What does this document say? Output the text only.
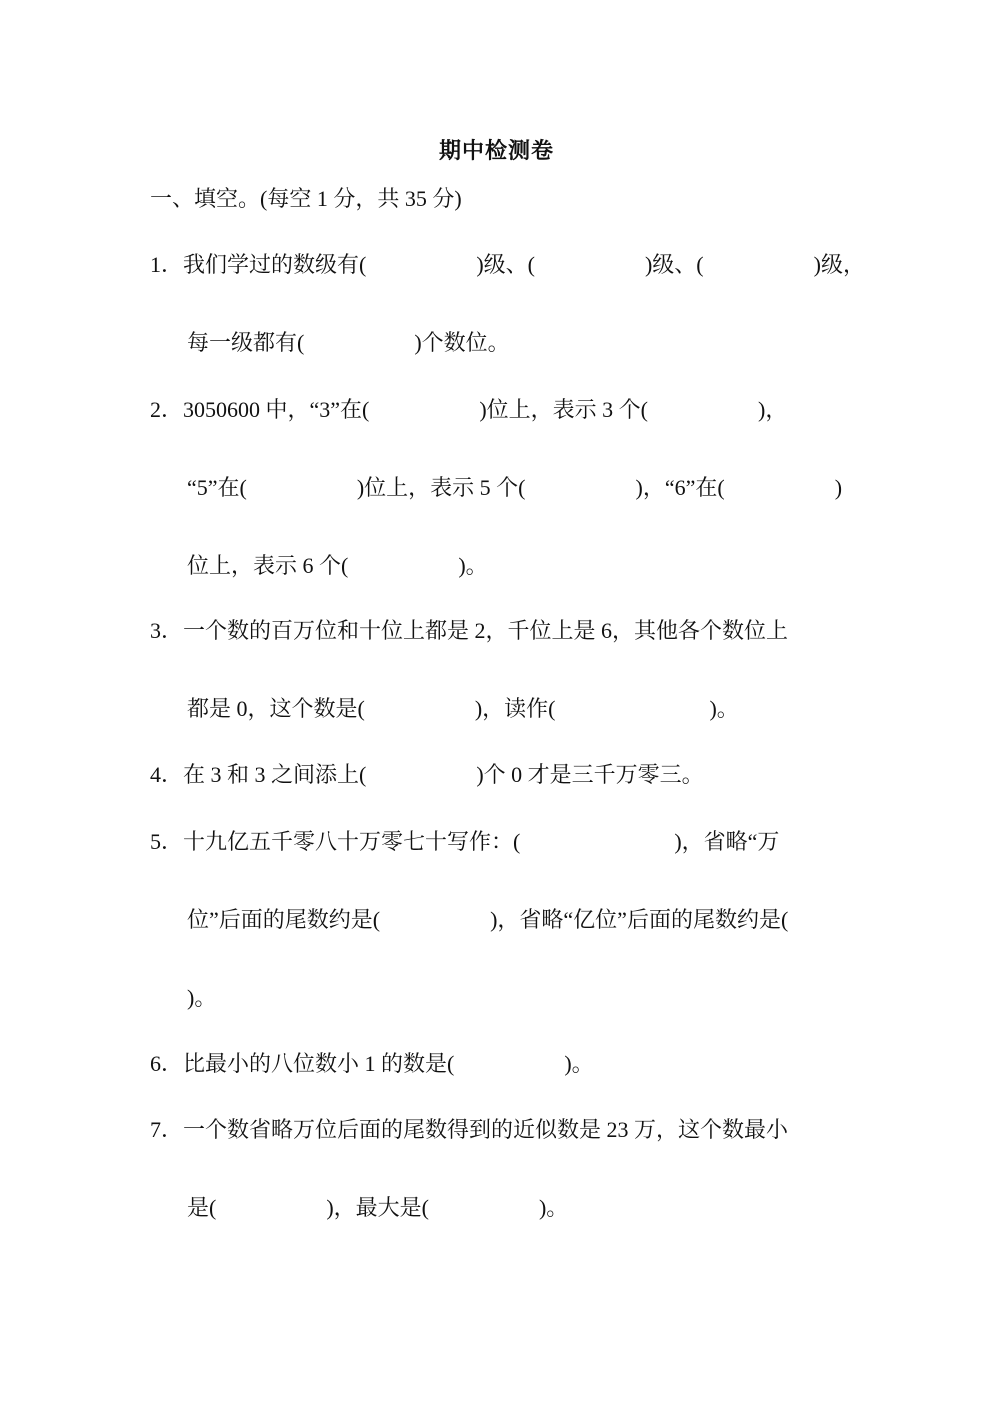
期中检测卷
一、填空。(每空 1 分，共 35 分)
1．我们学过的数级有(　　　　　)级、(　　　　　)级、(　　　　　)级，
每一级都有(　　　　　)个数位。
2．3050600 中，“3”在(　　　　　)位上，表示 3 个(　　　　　)，
“5”在(　　　　　)位上，表示 5 个(　　　　　)，“6”在(　　　　　)
位上，表示 6 个(　　　　　)。
3．一个数的百万位和十位上都是 2，千位上是 6，其他各个数位上
都是 0，这个数是(　　　　　)，读作(　　　　　　　)。
4．在 3 和 3 之间添上(　　　　　)个 0 才是三千万零三。
5．十九亿五千零八十万零七十写作：(　　　　　　　)，省略“万
位”后面的尾数约是(　　　　　)，省略“亿位”后面的尾数约是(
)。
6．比最小的八位数小 1 的数是(　　　　　)。
7．一个数省略万位后面的尾数得到的近似数是 23 万，这个数最小
是(　　　　　)，最大是(　　　　　)。
